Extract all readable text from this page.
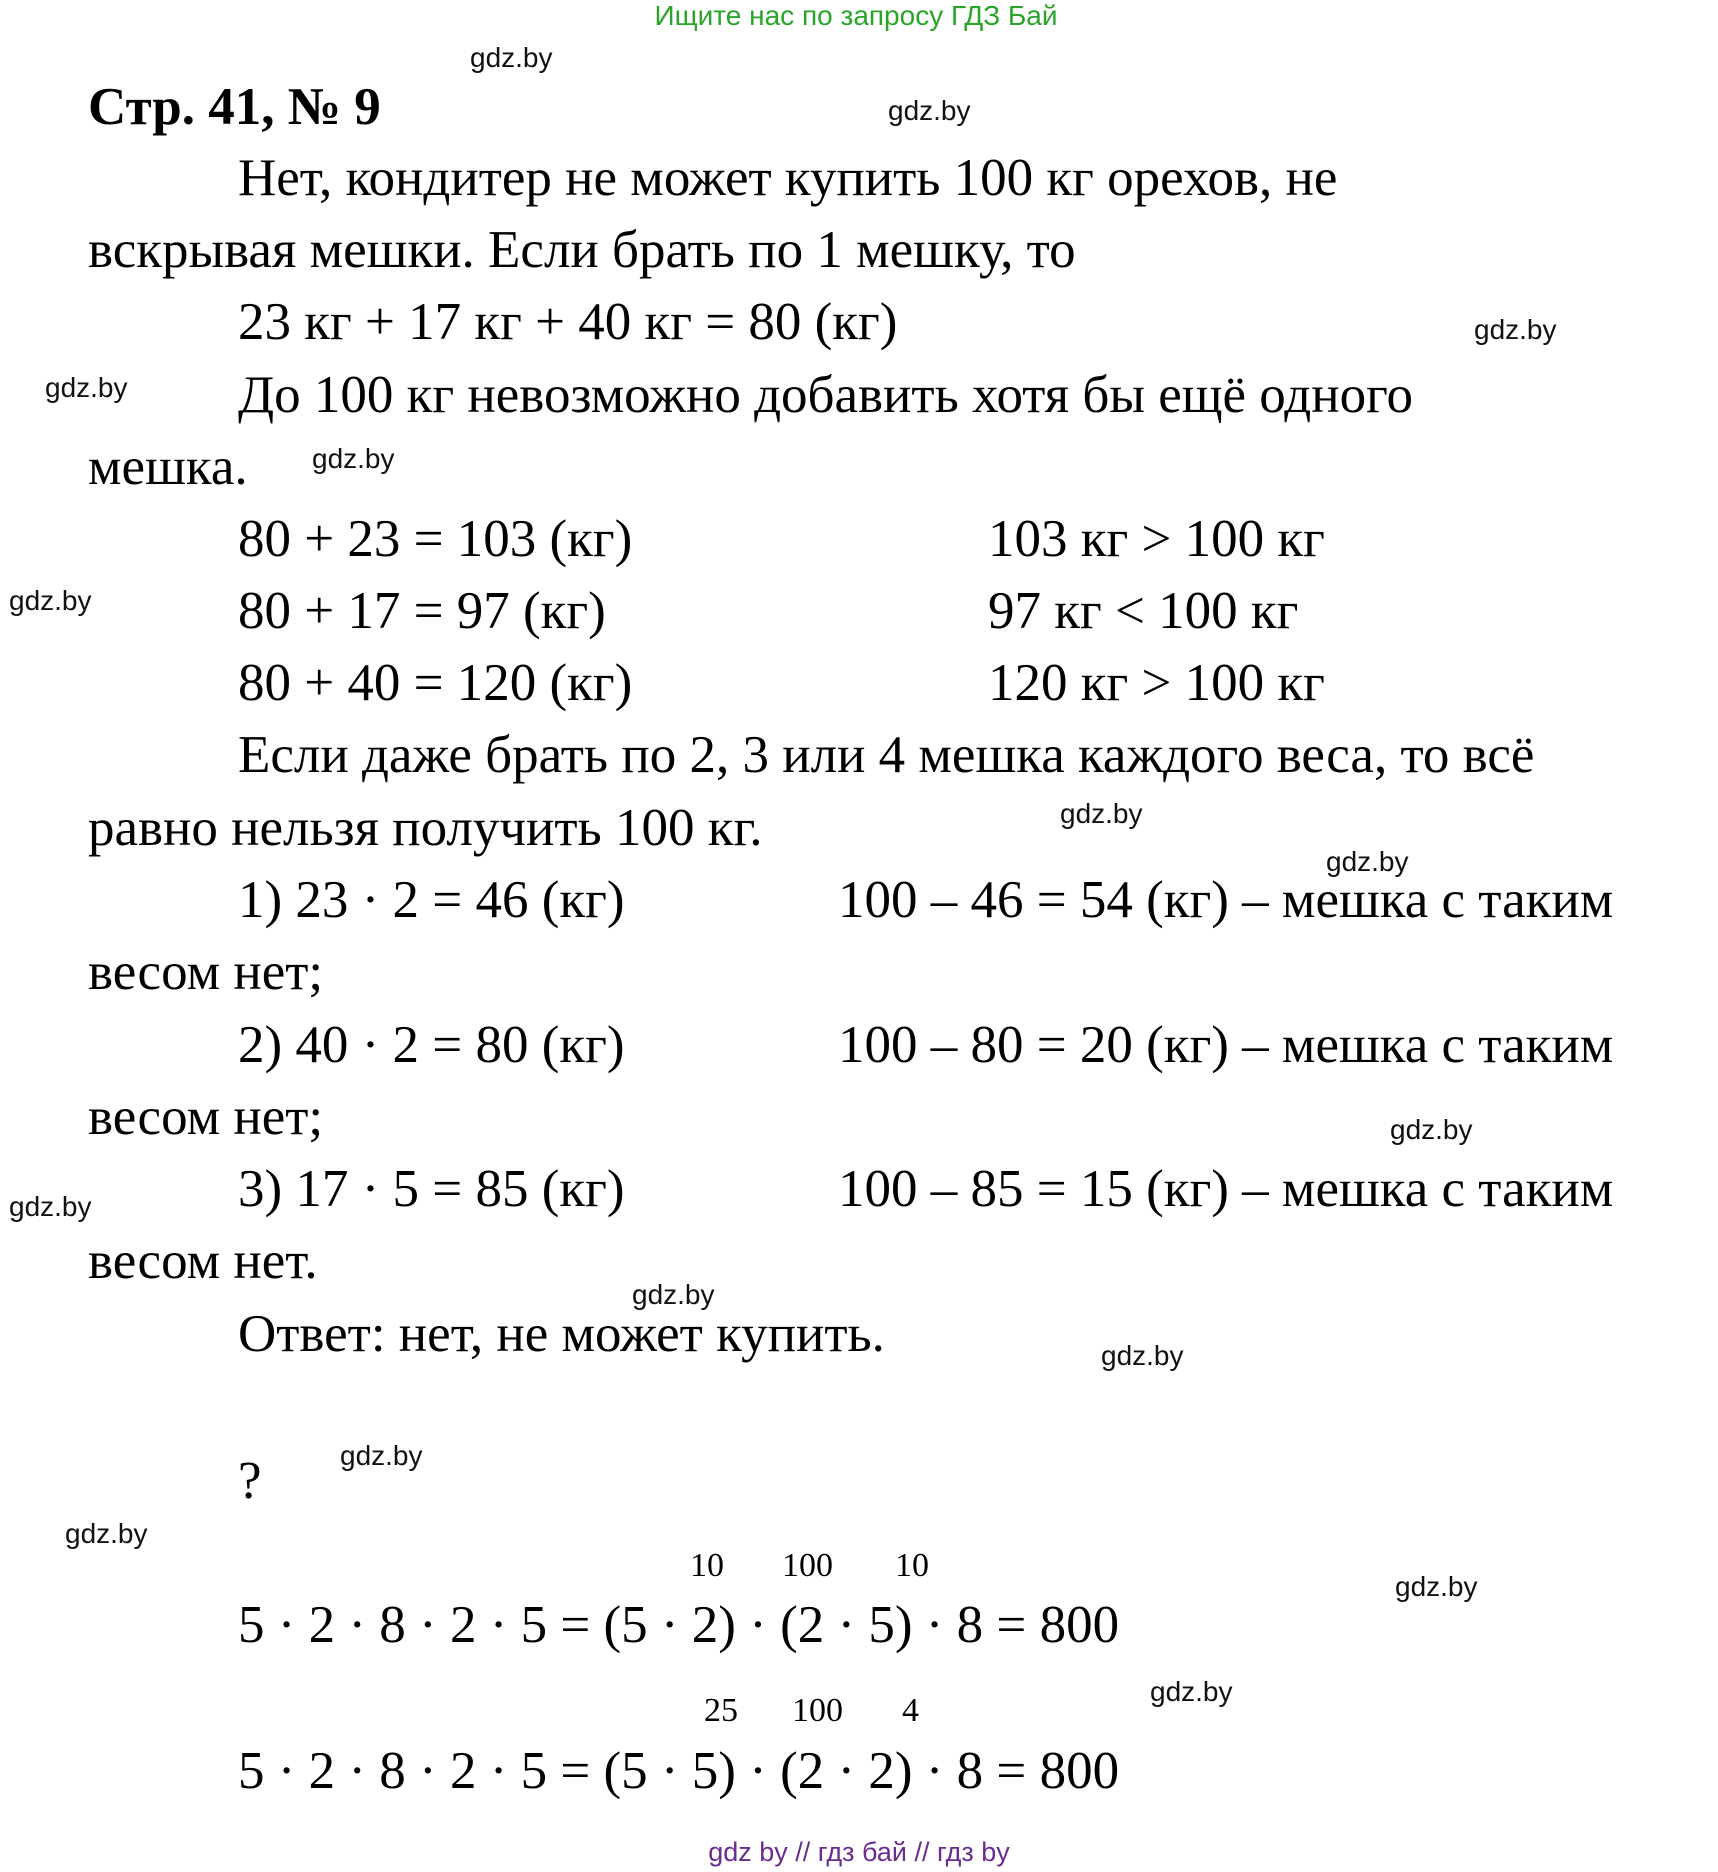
Ищите нас по запросу ГДЗ Бай
gdz.by
gdz.by
gdz.by
gdz.by
gdz.by
gdz.by
gdz.by
gdz.by
gdz.by
gdz.by
gdz.by
gdz.by
gdz.by
gdz.by
gdz.by
gdz.by
Стр. 41, № 9
Нет, кондитер не может купить 100 кг орехов, не
вскрывая мешки. Если брать по 1 мешку, то
23 кг + 17 кг + 40 кг = 80 (кг)
До 100 кг невозможно добавить хотя бы ещё одного
мешка.
80 + 23 = 103 (кг)	103 кг > 100 кг
80 + 17 = 97 (кг)	97 кг < 100 кг
80 + 40 = 120 (кг)	120 кг > 100 кг
Если даже брать по 2, 3 или 4 мешка каждого веса, то всё
равно нельзя получить 100 кг.
1) 23 · 2 = 46 (кг)	100 – 46 = 54 (кг) – мешка с таким
весом нет;
2) 40 · 2 = 80 (кг)	100 – 80 = 20 (кг) – мешка с таким
весом нет;
3) 17 · 5 = 85 (кг)	100 – 85 = 15 (кг) – мешка с таким
весом нет.
Ответ: нет, не может купить.
?
10 100 10
5 · 2 · 8 · 2 · 5 = (5 · 2) · (2 · 5) · 8 = 800
25 100 4
5 · 2 · 8 · 2 · 5 = (5 · 5) · (2 · 2) · 8 = 800
gdz by // гдз бай // гдз by
